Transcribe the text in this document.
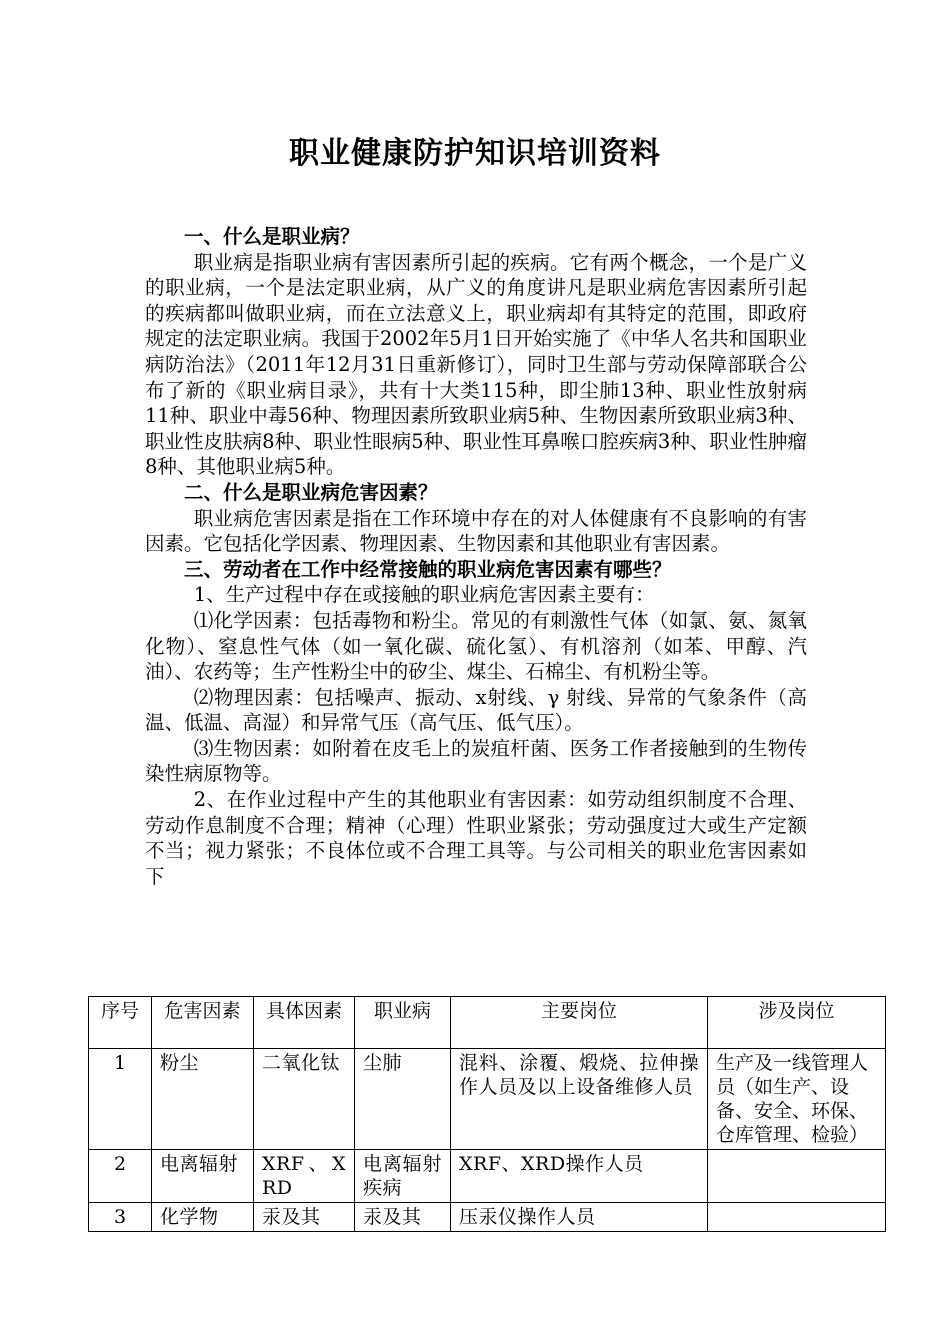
职业健康防护知识培训资料

一、什么是职业病？

职业病是指职业病有害因素所引起的疾病。它有两个概念，一个是广义的职业病，一个是法定职业病，从广义的角度讲凡是职业病危害因素所引起的疾病都叫做职业病，而在立法意义上，职业病却有其特定的范围，即政府规定的法定职业病。我国于2002年5月1日开始实施了《中华人名共和国职业病防治法》（2011年12月31日重新修订），同时卫生部与劳动保障部联合公布了新的《职业病目录》，共有十大类115种，即尘肺13种、职业性放射病11种、职业中毒56种、物理因素所致职业病5种、生物因素所致职业病3种、职业性皮肤病8种、职业性眼病5种、职业性耳鼻喉口腔疾病3种、职业性肿瘤8种、其他职业病5种。

二、什么是职业病危害因素？

职业病危害因素是指在工作环境中存在的对人体健康有不良影响的有害因素。它包括化学因素、物理因素、生物因素和其他职业有害因素。

三、劳动者在工作中经常接触的职业病危害因素有哪些？

1、生产过程中存在或接触的职业病危害因素主要有：

⑴化学因素：包括毒物和粉尘。常见的有刺激性气体（如氯、氨、氮氧化物）、窒息性气体（如一氧化碳、硫化氢）、有机溶剂（如苯、甲醇、汽油）、农药等；生产性粉尘中的矽尘、煤尘、石棉尘、有机粉尘等。

⑵物理因素：包括噪声、振动、x射线、γ 射线、异常的气象条件（高温、低温、高湿）和异常气压（高气压、低气压）。

⑶生物因素：如附着在皮毛上的炭疽杆菌、医务工作者接触到的生物传染性病原物等。

2、在作业过程中产生的其他职业有害因素：如劳动组织制度不合理、劳动作息制度不合理；精神（心理）性职业紧张；劳动强度过大或生产定额不当；视力紧张；不良体位或不合理工具等。与公司相关的职业危害因素如下

序号	危害因素	具体因素	职业病	主要岗位	涉及岗位
1	粉尘	二氧化钛	尘肺	混料、涂覆、煅烧、拉伸操作人员及以上设备维修人员	生产及一线管理人员（如生产、设备、安全、环保、仓库管理、检验）
2	电离辐射	XRF、XRD	电离辐射疾病	XRF、XRD操作人员	
3	化学物	汞及其	汞及其	压汞仪操作人员	
